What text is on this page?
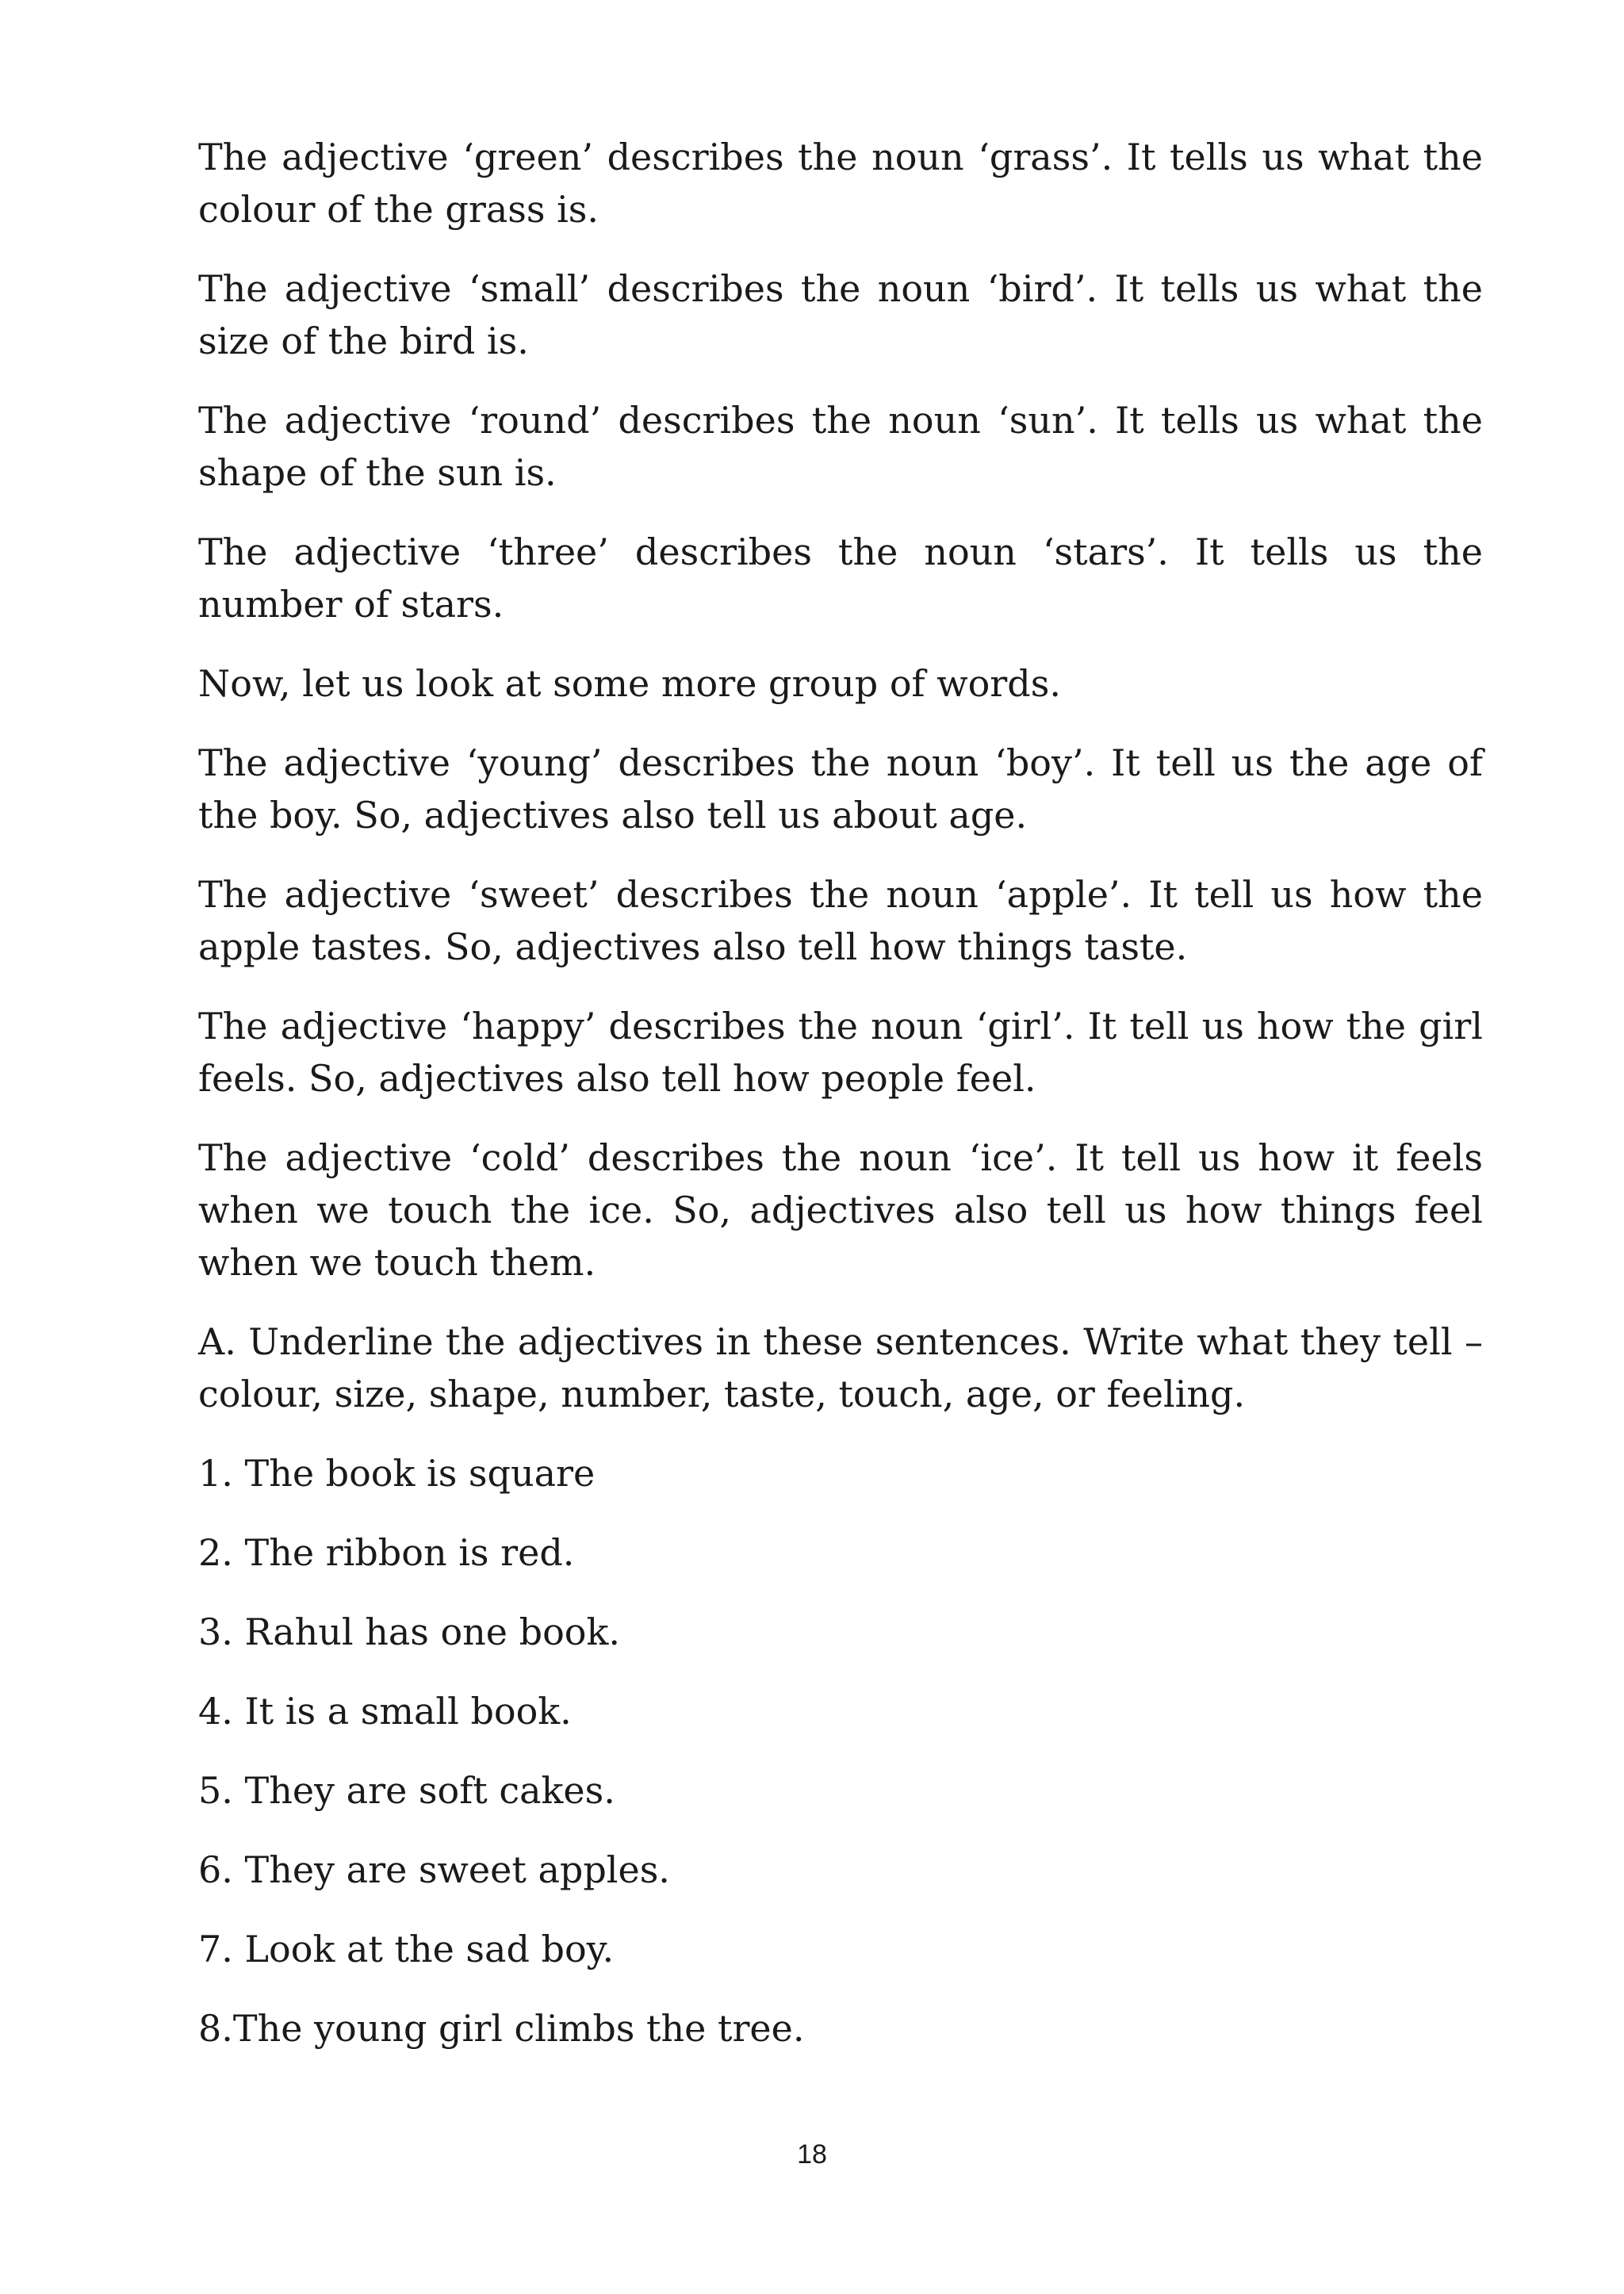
The adjective ‘green’ describes the noun ‘grass’. It tells us what the colour of the grass is.

The adjective ‘small’ describes the noun ‘bird’. It tells us what the size of the bird is.

The adjective ‘round’ describes the noun ‘sun’. It tells us what the shape of the sun is.

The adjective ‘three’ describes the noun ‘stars’. It tells us the number of stars.

Now, let us look at some more group of words.

The adjective ‘young’ describes the noun ‘boy’. It tell us the age of the boy. So, adjectives also tell us about age.

The adjective ‘sweet’ describes the noun ‘apple’. It tell us how the apple tastes. So, adjectives also tell how things taste.

The adjective ‘happy’ describes the noun ‘girl’. It tell us how the girl feels. So, adjectives also tell how people feel.

The adjective ‘cold’ describes the noun ‘ice’. It tell us how it feels when we touch the ice. So, adjectives also tell us how things feel when we touch them.

A. Underline the adjectives in these sentences. Write what they tell – colour, size, shape, number, taste, touch, age, or feeling.

1. The book is square
2. The ribbon is red.
3. Rahul has one book.
4. It is a small book.
5. They are soft cakes.
6. They are sweet apples.
7. Look at the sad boy.
8.The young girl climbs the tree.
18
